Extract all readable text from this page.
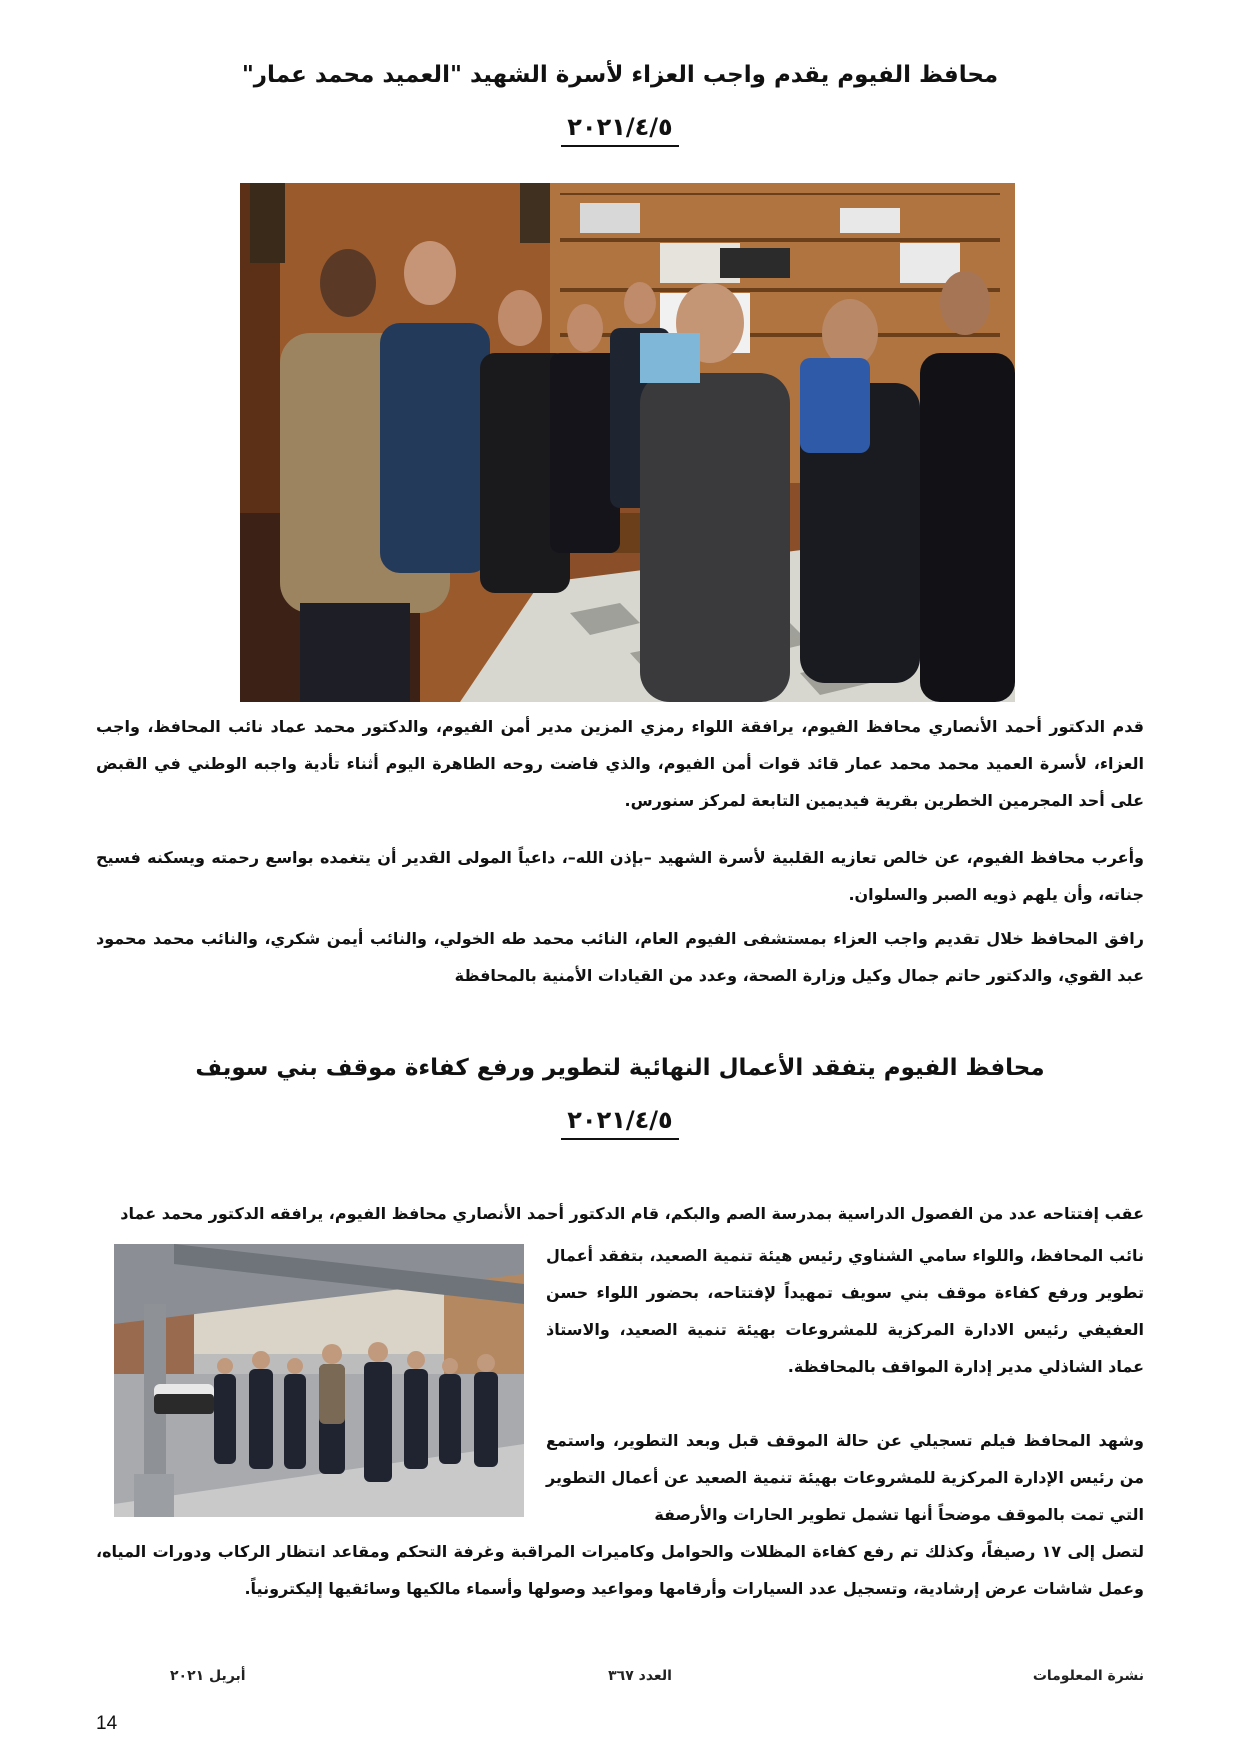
محافظ الفيوم يقدم واجب العزاء لأسرة الشهيد "العميد محمد عمار"
٢٠٢١/٤/٥
قدم الدكتور أحمد الأنصاري محافظ الفيوم، يرافقة اللواء رمزي المزين مدير أمن الفيوم، والدكتور محمد عماد نائب المحافظ، واجب العزاء، لأسرة العميد محمد محمد عمار قائد قوات أمن الفيوم، والذي فاضت روحه الطاهرة اليوم أثناء تأدية واجبه الوطني في القبض على أحد المجرمين الخطرين بقرية فيديمين التابعة لمركز سنورس.
وأعرب محافظ الفيوم، عن خالص تعازيه القلبية لأسرة الشهيد –بإذن الله–، داعياً المولى القدير أن يتغمده بواسع رحمته ويسكنه فسيح جناته، وأن يلهم ذويه الصبر والسلوان.
رافق المحافظ خلال تقديم واجب العزاء بمستشفى الفيوم العام، النائب محمد طه الخولي، والنائب أيمن شكري، والنائب محمد محمود عبد القوي، والدكتور حاتم جمال وكيل وزارة الصحة، وعدد من القيادات الأمنية بالمحافظة
محافظ الفيوم يتفقد الأعمال النهائية لتطوير ورفع كفاءة موقف بني سويف
٢٠٢١/٤/٥
عقب إفتتاحه عدد من الفصول الدراسية بمدرسة الصم والبكم، قام الدكتور أحمد الأنصاري محافظ الفيوم، يرافقه الدكتور محمد عماد
نائب المحافظ، واللواء سامي الشناوي رئيس هيئة تنمية الصعيد، بتفقد أعمال تطوير ورفع كفاءة موقف بني سويف تمهيداً لإفتتاحه، بحضور اللواء حسن العفيفي رئيس الادارة المركزية للمشروعات بهيئة تنمية الصعيد، والاستاذ عماد الشاذلي مدير إدارة المواقف بالمحافظة.
وشهد المحافظ فيلم تسجيلي عن حالة الموقف قبل وبعد التطوير، واستمع من رئيس الإدارة المركزية للمشروعات بهيئة تنمية الصعيد عن أعمال التطوير التي تمت بالموقف موضحاً أنها تشمل تطوير الحارات والأرصفة
لتصل إلى ١٧ رصيفاً، وكذلك تم رفع كفاءة المظلات والحوامل وكاميرات المراقبة وغرفة التحكم ومقاعد انتظار الركاب ودورات المياه، وعمل شاشات عرض إرشادية، وتسجيل عدد السيارات وأرقامها ومواعيد وصولها وأسماء مالكيها وسائقيها إليكترونياً.
نشرة المعلومات
العدد ٣٦٧
أبريل ٢٠٢١
14
